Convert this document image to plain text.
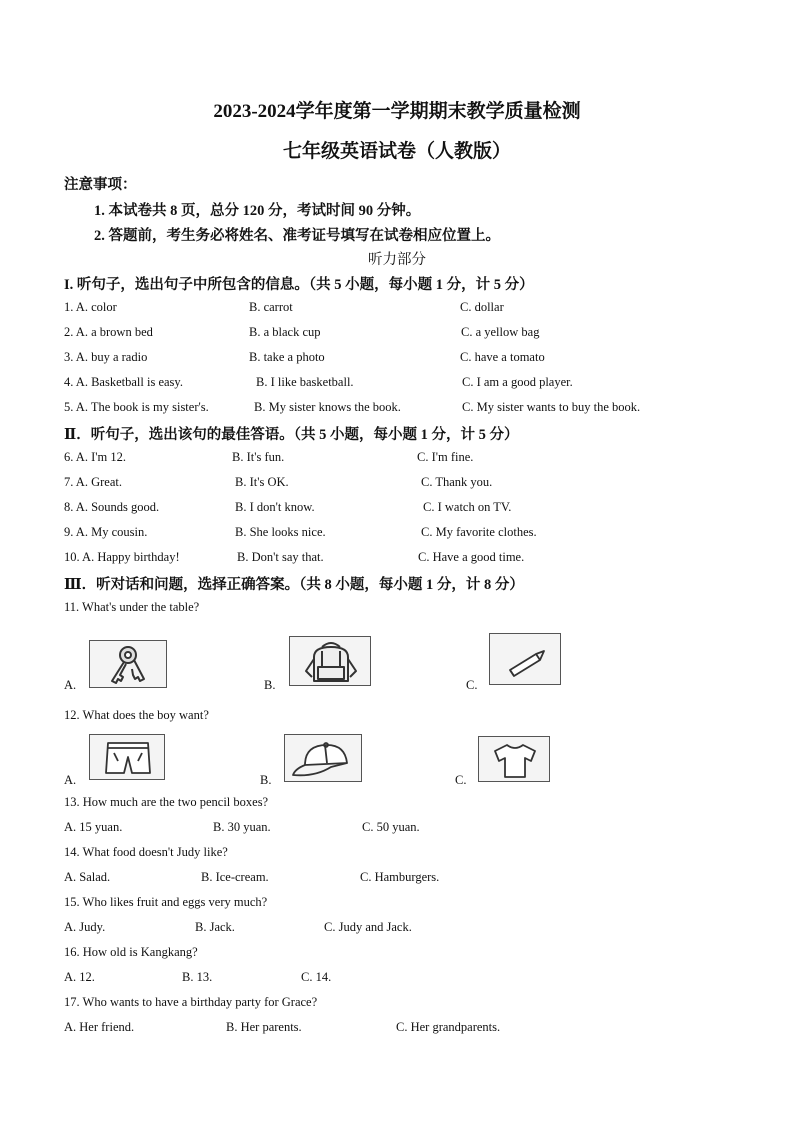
2023-2024学年度第一学期期末教学质量检测
七年级英语试卷（人教版）
注意事项：
1. 本试卷共 8 页，总分 120 分，考试时间 90 分钟。
2. 答题前，考生务必将姓名、准考证号填写在试卷相应位置上。
听力部分
I. 听句子，选出句子中所包含的信息。（共 5 小题，每小题 1 分，计 5 分）
1. A. color	B. carrot	C. dollar
2. A. a brown bed	B. a black cup	C. a yellow bag
3. A. buy a radio	B. take a photo	C. have a tomato
4. A. Basketball is easy.	B. I like basketball.	C. I am a good player.
5. A. The book is my sister's.	B. My sister knows the book.	C. My sister wants to buy the book.
Ⅱ．听句子，选出该句的最佳答语。（共 5 小题，每小题 1 分，计 5 分）
6. A. I'm 12.	B. It's fun.	C. I'm fine.
7. A. Great.	B. It's OK.	C. Thank you.
8. A. Sounds good.	B. I don't know.	C. I watch on TV.
9. A. My cousin.	B. She looks nice.	C. My favorite clothes.
10. A. Happy birthday!	B. Don't say that.	C. Have a good time.
Ⅲ．听对话和问题，选择正确答案。（共 8 小题，每小题 1 分，计 8 分）
11. What's under the table?
A.	B.	C.
12. What does the boy want?
A.	B.	C.
13. How much are the two pencil boxes?
A. 15 yuan.	B. 30 yuan.	C. 50 yuan.
14. What food doesn't Judy like?
A. Salad.	B. Ice-cream.	C. Hamburgers.
15. Who likes fruit and eggs very much?
A. Judy.	B. Jack.	C. Judy and Jack.
16. How old is Kangkang?
A. 12.	B. 13.	C. 14.
17. Who wants to have a birthday party for Grace?
A. Her friend.	B. Her parents.	C. Her grandparents.
